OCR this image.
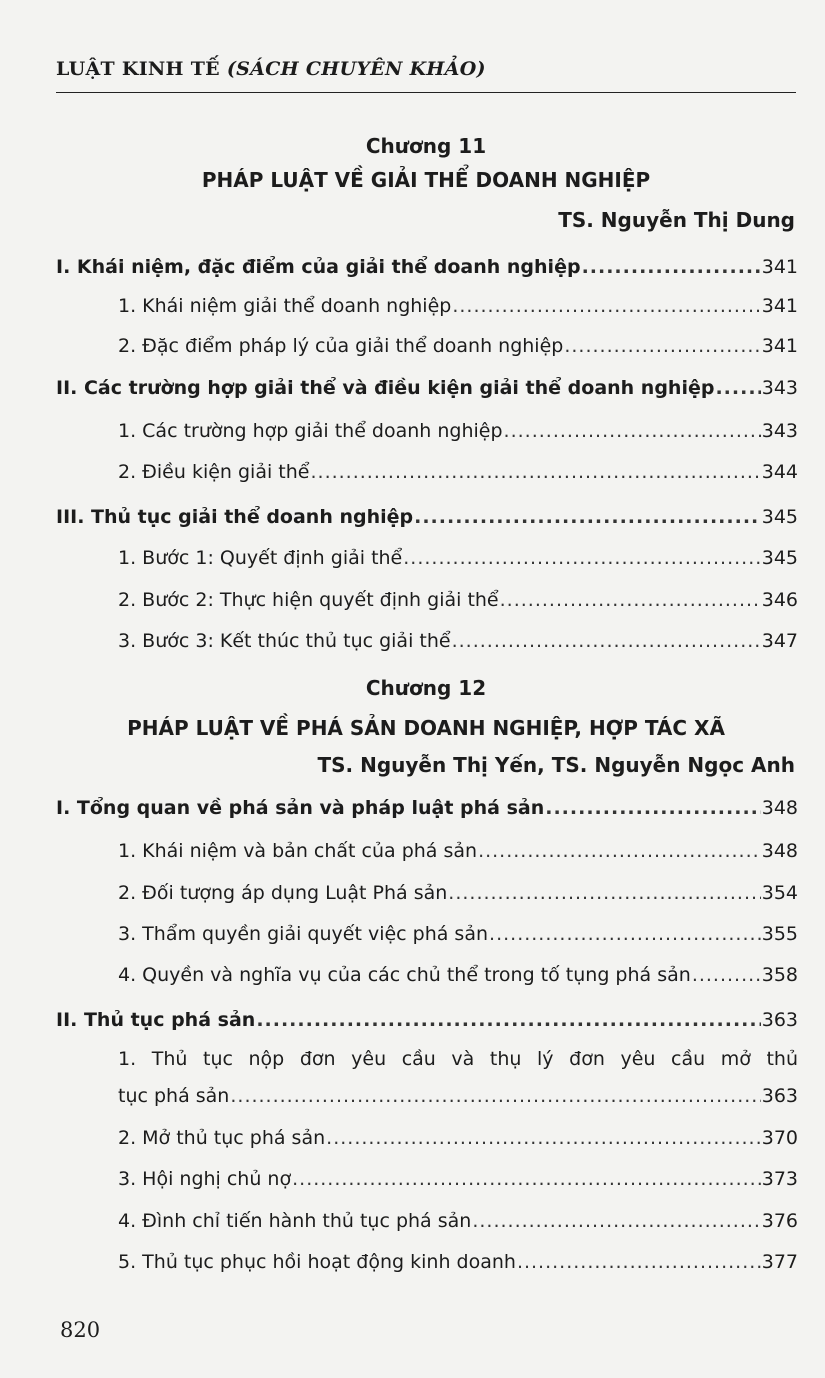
LUẬT KINH TẾ (SÁCH CHUYÊN KHẢO)
Chương 11
PHÁP LUẬT VỀ GIẢI THỂ DOANH NGHIỆP
TS. Nguyễn Thị Dung
I. Khái niệm, đặc điểm của giải thể doanh nghiệp .....	341
1. Khái niệm giải thể doanh nghiệp .....	341
2. Đặc điểm pháp lý của giải thể doanh nghiệp .....	341
II. Các trường hợp giải thể và điều kiện giải thể doanh nghiệp ..... 343
1. Các trường hợp giải thể doanh nghiệp .....	343
2. Điều kiện giải thể .....	344
III. Thủ tục giải thể doanh nghiệp .....	345
1. Bước 1: Quyết định giải thể .....	345
2. Bước 2: Thực hiện quyết định giải thể .....	346
3. Bước 3: Kết thúc thủ tục giải thể .....	347
Chương 12
PHÁP LUẬT VỀ PHÁ SẢN DOANH NGHIỆP, HỢP TÁC XÃ
TS. Nguyễn Thị Yến, TS. Nguyễn Ngọc Anh
I. Tổng quan về phá sản và pháp luật phá sản .....	348
1. Khái niệm và bản chất của phá sản .....	348
2. Đối tượng áp dụng Luật Phá sản .....	354
3. Thẩm quyền giải quyết việc phá sản .....	355
4. Quyền và nghĩa vụ của các chủ thể trong tố tụng phá sản .....	358
II. Thủ tục phá sản .....	363
1. Thủ tục nộp đơn yêu cầu và thụ lý đơn yêu cầu mở thủ
tục phá sản .....	363
2. Mở thủ tục phá sản .....	370
3. Hội nghị chủ nợ .....	373
4. Đình chỉ tiến hành thủ tục phá sản .....	376
5. Thủ tục phục hồi hoạt động kinh doanh .....	377
820
